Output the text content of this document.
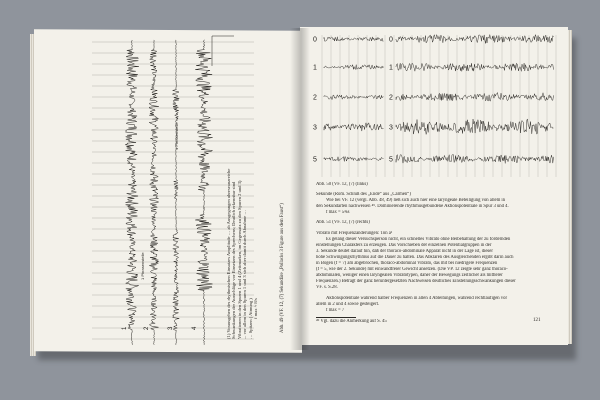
1	2	3	4
1 Phrasenstelle
1 Phrasenstelle	(1) Vorausgehen des rhythmischen Einsatzes Amplitude … ab Ausgegangen uhreseanzreiche Schwankungen der Ausschläge vor Einsetzen des Sprechens; Deutlich erkennbar sind Vibrationen in den Spuren 1 und 4 (Zeitmarken, im Gegensatz zu den Spuren 2 und 3) ... vor allem in den Spuren 1 und 3 sich aber damit durch Abnahme … … Spitzen ( Atmung ) f max ≈ 8/s	Abb. 49 (VF. 12, (7) Sekundäre „Pollacks 3 Figure aus dem Faust“)
0	0
1	1
2	2
3	3
5	5
Abb. 50 (VF. 12, (7) (links)
Sekunde (Rom. Schluß des „Ende“ aus „Carmen“)
Wie bei VF. 12 (vergl. Abb. 48, 49) ließ sich auch hier eine laryngeale Beteiligung von allem in
den Sekundärten nachweisen ⁴⁹. Dominierende rhythmusgebundene Aktionspotentiale in Spur 3 und 4.
f max = 5¾s
Abb. 51 (VF. 12, (7) (rechts)
Vibrato mit Frequenzänderungen: Ton a¹
Es gelang dieser Versuchsperson nicht, ein schnelles Vibrato ohne Beibehaltung der zu fordernden
einstellungen Charakters zu erzeugen. Das Vorschieben der einzelnen Potentialgruppen in der
3. Sekunde deutet darauf hin, daß der thoraco-abdominale Apparat nicht in der Lage ist, dieser
hohe Schwingungsrhythmus auf die Dauer zu halten. Das Abklären des Ausgleichenden ergibt darin auch
in Bogen (f = 7) am abgebrochen, thoraco-abdominal Vibrato, das mit bei niedrigere Frequenzen
(f = 5, wie der 2. Sekunde) mit einwandfreier Gewicht ansetzen. (Die VP. 12 zeigte sehr ganz thoraco-
abdominalen, weniger einen laryngealen Vibratotypen, daher der Bewegungs zeitlicher als mittlerer
Frequenzen.) Beträgt der ganz heruntergesetzten Nachweisen deutliches Einstellungsschwankungen dieser
VF. s. S.28.
Aktionspotentiale während halber Frequenzen in allen 4 Ableitungen, während rechtläufigen vor
allem in 2 und 4 sowie gesteigert.
f max = 7
⁴⁹ Vgl. dazu die Anmerkung auf S. 45	121
